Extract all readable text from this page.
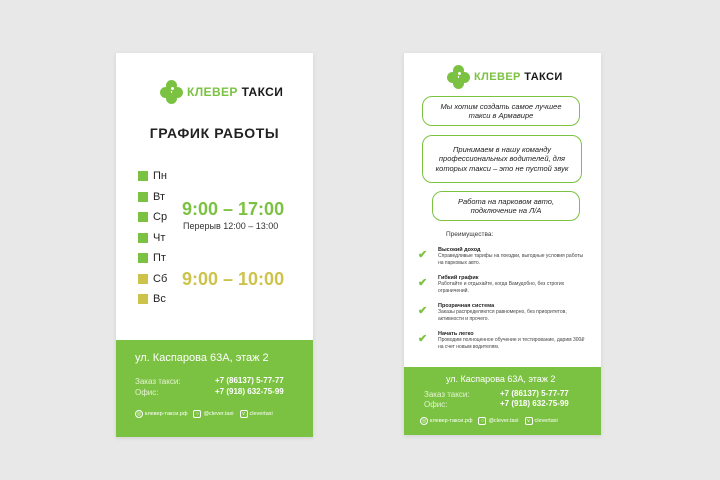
КЛЕВЕР ТАКСИ
ГРАФИК РАБОТЫ
Пн
Вт
Ср
Чт
Пт
Сб
Вс
9:00 – 17:00
Перерыв 12:00 – 13:00
9:00 – 10:00
ул. Каспарова 63А, этаж 2
Заказ такси:	+7 (86137) 5-77-77
Офис:	+7 (918) 632-75-99
◎ клевер-такси.рф	○ @clever.taxi	v clevertaxi
КЛЕВЕР ТАКСИ
Мы хотим создать самое лучшее такси в Армавире
Принимаем в нашу команду профессиональных водителей, для которых такси – это не пустой звук
Работа на парковом авто, подключение на Л/А
Преимущества:
✔	Высокий доход
Справедливые тарифы на поездки, выгодные условия работы на парковых авто.
✔	Гибкий график
Работайте и отдыхайте, когда Вамудобно, без строгих ограничений.
✔	Прозрачная система
Заказы распределяются равномерно, без приоритетов, активности и прочего.
✔	Начать легко
Проводим полноценное обучение и тестирование, дарим 300₽ на счет новым водителям.
ул. Каспарова 63А, этаж 2
Заказ такси:	+7 (86137) 5-77-77
Офис:	+7 (918) 632-75-99
◎ клевер-такси.рф	○ @clever.taxi	v clevertaxi
